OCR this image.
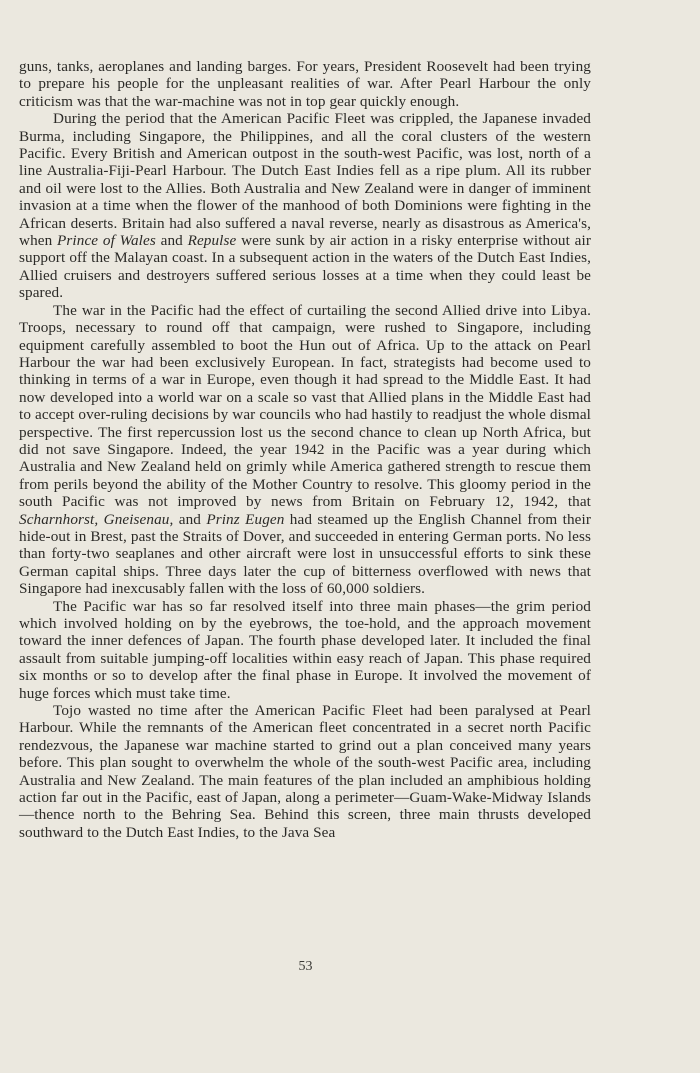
guns, tanks, aeroplanes and landing barges. For years, President Roosevelt had been trying to prepare his people for the unpleasant realities of war. After Pearl Harbour the only criticism was that the war-machine was not in top gear quickly enough.

During the period that the American Pacific Fleet was crippled, the Japanese invaded Burma, including Singapore, the Philippines, and all the coral clusters of the western Pacific. Every British and American outpost in the south-west Pacific, was lost, north of a line Australia-Fiji-Pearl Harbour. The Dutch East Indies fell as a ripe plum. All its rubber and oil were lost to the Allies. Both Australia and New Zealand were in danger of imminent invasion at a time when the flower of the manhood of both Dominions were fighting in the African deserts. Britain had also suffered a naval reverse, nearly as disastrous as America's, when Prince of Wales and Repulse were sunk by air action in a risky enterprise without air support off the Malayan coast. In a subsequent action in the waters of the Dutch East Indies, Allied cruisers and destroyers suffered serious losses at a time when they could least be spared.

The war in the Pacific had the effect of curtailing the second Allied drive into Libya. Troops, necessary to round off that campaign, were rushed to Singapore, including equipment carefully assembled to boot the Hun out of Africa. Up to the attack on Pearl Harbour the war had been exclusively European. In fact, strategists had become used to thinking in terms of a war in Europe, even though it had spread to the Middle East. It had now developed into a world war on a scale so vast that Allied plans in the Middle East had to accept over-ruling decisions by war councils who had hastily to readjust the whole dismal perspective. The first repercussion lost us the second chance to clean up North Africa, but did not save Singapore. Indeed, the year 1942 in the Pacific was a year during which Australia and New Zealand held on grimly while America gathered strength to rescue them from perils beyond the ability of the Mother Country to resolve. This gloomy period in the south Pacific was not improved by news from Britain on February 12, 1942, that Scharnhorst, Gneisenau, and Prinz Eugen had steamed up the English Channel from their hide-out in Brest, past the Straits of Dover, and succeeded in entering German ports. No less than forty-two seaplanes and other aircraft were lost in unsuccessful efforts to sink these German capital ships. Three days later the cup of bitterness overflowed with news that Singapore had inexcusably fallen with the loss of 60,000 soldiers.

The Pacific war has so far resolved itself into three main phases—the grim period which involved holding on by the eyebrows, the toe-hold, and the approach movement toward the inner defences of Japan. The fourth phase developed later. It included the final assault from suitable jumping-off localities within easy reach of Japan. This phase required six months or so to develop after the final phase in Europe. It involved the movement of huge forces which must take time.

Tojo wasted no time after the American Pacific Fleet had been paralysed at Pearl Harbour. While the remnants of the American fleet concentrated in a secret north Pacific rendezvous, the Japanese war machine started to grind out a plan conceived many years before. This plan sought to overwhelm the whole of the south-west Pacific area, including Australia and New Zealand. The main features of the plan included an amphibious holding action far out in the Pacific, east of Japan, along a perimeter—Guam-Wake-Midway Islands—thence north to the Behring Sea. Behind this screen, three main thrusts developed southward to the Dutch East Indies, to the Java Sea

53
